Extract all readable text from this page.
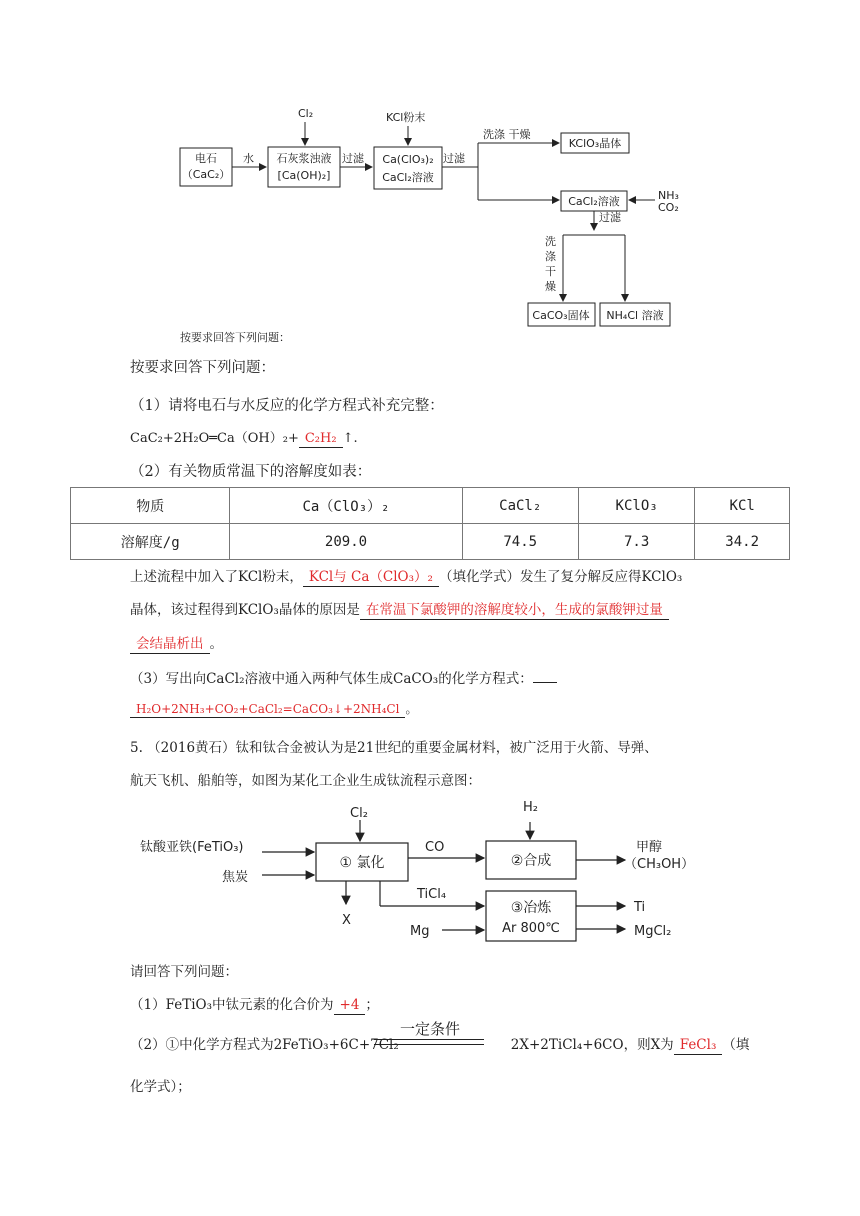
电石
（CaC₂）
水
Cl₂
石灰浆浊液
[Ca(OH)₂]
过滤
KCl粉末
Ca(ClO₃)₂
CaCl₂溶液
过滤
洗涤 干燥
KClO₃晶体
CaCl₂溶液	NH₃
CO₂
过滤
洗
涤
干
燥
CaCO₃固体 NH₄Cl 溶液
按要求回答下列问题：
按要求回答下列问题：
（1）请将电石与水反应的化学方程式补充完整：
CaC₂+2H₂O═Ca（OH）₂+ C₂H₂ ↑.
（2）有关物质常温下的溶解度如表：
物质	Ca（ClO₃）₂	CaCl₂	KClO₃	KCl
溶解度/g	209.0	74.5	7.3	34.2
上述流程中加入了KCl粉末， KCl与 Ca（ClO₃）₂ （填化学式）发生了复分解反应得KClO₃
晶体，该过程得到KClO₃晶体的原因是 在常温下氯酸钾的溶解度较小，生成的氯酸钾过量
会结晶析出 。
（3）写出向CaCl₂溶液中通入两种气体生成CaCO₃的化学方程式：
H₂O+2NH₃+CO₂+CaCl₂=CaCO₃↓+2NH₄Cl 。
5. （2016黄石）钛和钛合金被认为是21世纪的重要金属材料，被广泛用于火箭、导弹、
航天飞机、船舶等，如图为某化工企业生成钛流程示意图：
钛酸亚铁(FeTiO₃)
焦炭
Cl₂
① 氯化
CO
H₂
②合成
甲醇
（CH₃OH）
X
TiCl₄
Mg
③冶炼
Ar 800℃
Ti
MgCl₂
请回答下列问题：
（1）FeTiO₃中钛元素的化合价为 +4 ；
一定条件
（2）①中化学方程式为2FeTiO₃+6C+7Cl₂	2X+2TiCl₄+6CO，则X为 FeCl₃ （填
化学式）；
